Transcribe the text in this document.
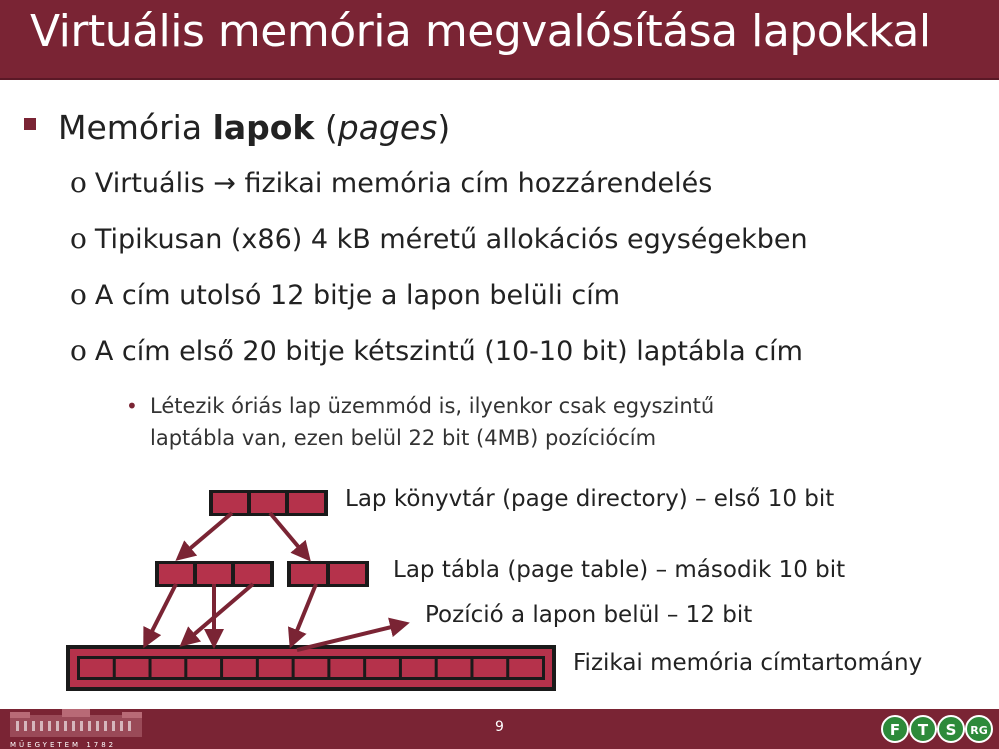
Virtuális memória megvalósítása lapokkal
Memória lapok (pages)
o Virtuális → fizikai memória cím hozzárendelés
o Tipikusan (x86) 4 kB méretű allokációs egységekben
o A cím utolsó 12 bitje a lapon belüli cím
o A cím első 20 bitje kétszintű (10-10 bit) laptábla cím
• Létezik óriás lap üzemmód is, ilyenkor csak egyszintű
laptábla van, ezen belül 22 bit (4MB) pozíciócím
Lap könyvtár (page directory) – első 10 bit
Lap tábla (page table) – második 10 bit
Pozíció a lapon belül – 12 bit
Fizikai memória címtartomány
MŰEGYETEM 1782
9	F T S RG
